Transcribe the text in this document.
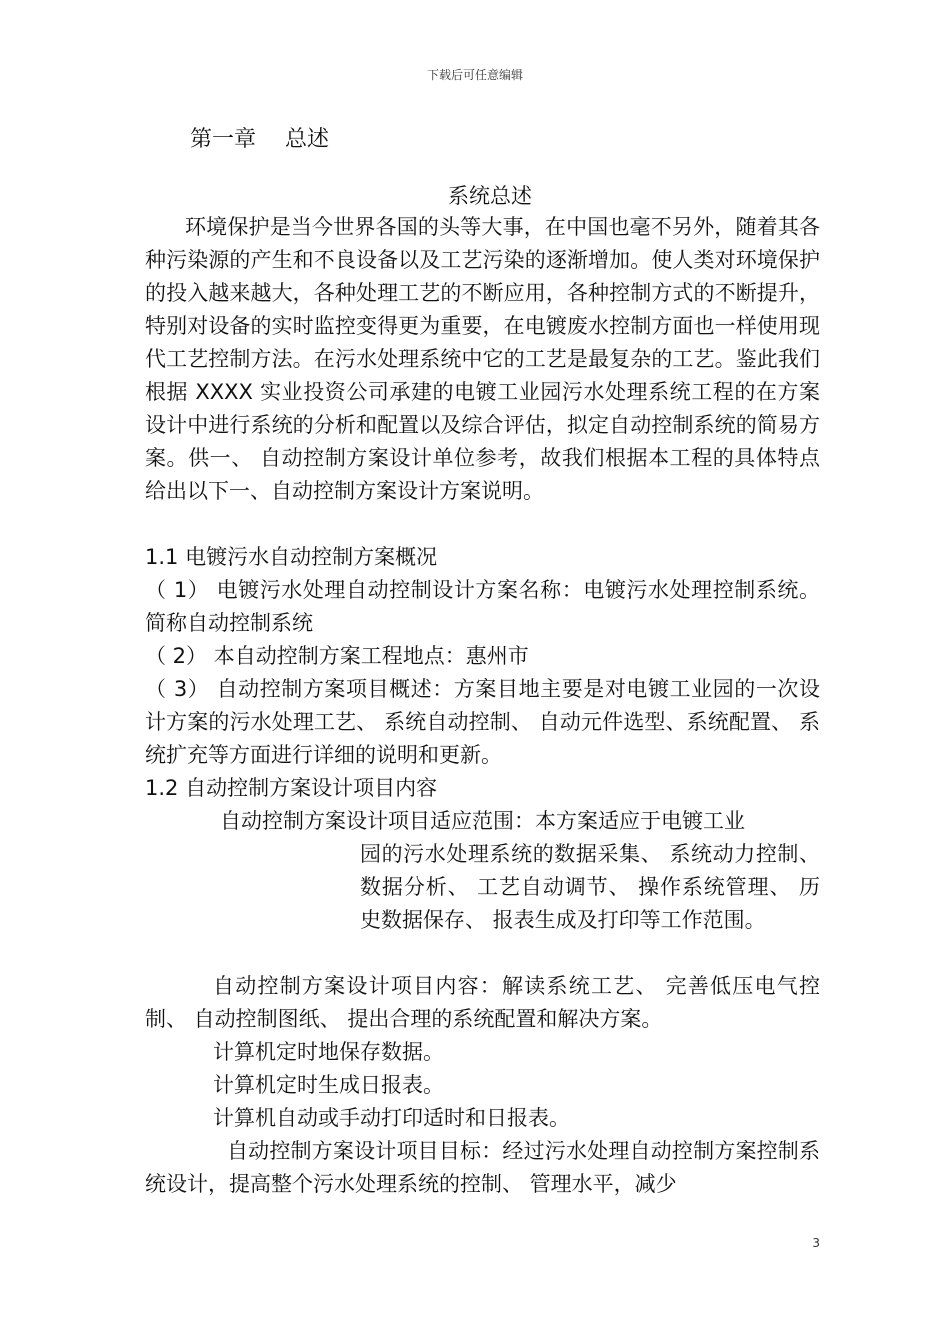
下载后可任意编辑
第一章　 总述
系统总述
环境保护是当今世界各国的头等大事，在中国也毫不另外，随着其各种污染源的产生和不良设备以及工艺污染的逐渐增加。使人类对环境保护的投入越来越大，各种处理工艺的不断应用，各种控制方式的不断提升，特别对设备的实时监控变得更为重要，在电镀废水控制方面也一样使用现代工艺控制方法。在污水处理系统中它的工艺是最复杂的工艺。鉴此我们根据 XXXX 实业投资公司承建的电镀工业园污水处理系统工程的在方案设计中进行系统的分析和配置以及综合评估，拟定自动控制系统的简易方案。供一、 自动控制方案设计单位参考，故我们根据本工程的具体特点给出以下一、自动控制方案设计方案说明。
1.1 电镀污水自动控制方案概况
（ 1） 电镀污水处理自动控制设计方案名称：电镀污水处理控制系统。简称自动控制系统
（ 2） 本自动控制方案工程地点：惠州市
（ 3） 自动控制方案项目概述：方案目地主要是对电镀工业园的一次设计方案的污水处理工艺、 系统自动控制、 自动元件选型、系统配置、 系统扩充等方面进行详细的说明和更新。
1.2 自动控制方案设计项目内容
自动控制方案设计项目适应范围：本方案适应于电镀工业
园的污水处理系统的数据采集、 系统动力控制、 数据分析、 工艺自动调节、 操作系统管理、 历史数据保存、 报表生成及打印等工作范围。
自动控制方案设计项目内容：解读系统工艺、 完善低压电气控制、 自动控制图纸、 提出合理的系统配置和解决方案。
计算机定时地保存数据。
计算机定时生成日报表。
计算机自动或手动打印适时和日报表。
自动控制方案设计项目目标：经过污水处理自动控制方案控制系统设计，提高整个污水处理系统的控制、 管理水平，减少
3
